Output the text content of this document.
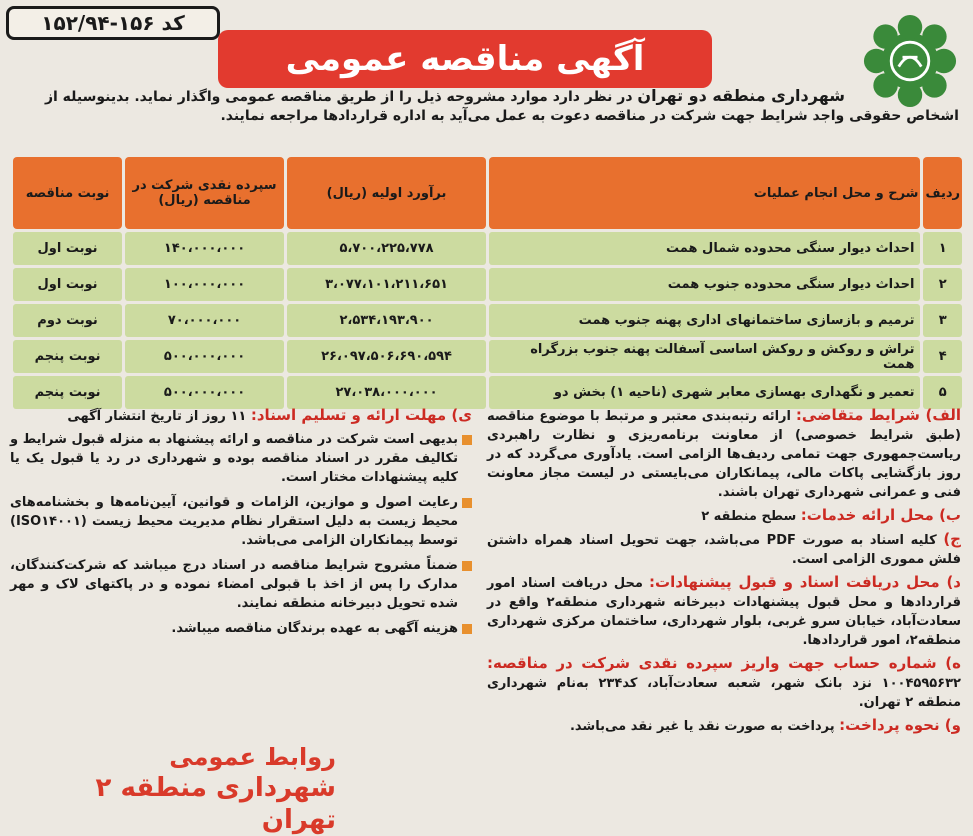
کد ۱۵۶-۱۵۲/۹۴
آگهی مناقصه عمومی
شهرداری منطقه دو تهران در نظر دارد موارد مشروحه ذیل را از طریق مناقصه عمومی واگذار نماید. بدینوسیله از
اشخاص حقوقی واجد شرایط جهت شرکت در مناقصه دعوت به عمل می‌آید به اداره قراردادها مراجعه نمایند.
ردیف	شرح و محل انجام عملیات	برآورد اولیه (ریال)	سپرده نقدی شرکت در مناقصه (ریال)	نوبت مناقصه
۱	احداث دیوار سنگی محدوده شمال همت	۵،۷۰۰،۲۲۵،۷۷۸	۱۴۰،۰۰۰،۰۰۰	نوبت اول
۲	احداث دیوار سنگی محدوده جنوب همت	۳،۰۷۷،۱۰۱،۲۱۱،۶۵۱	۱۰۰،۰۰۰،۰۰۰	نوبت اول
۳	ترمیم و بازسازی ساختمانهای اداری پهنه جنوب همت	۲،۵۳۴،۱۹۳،۹۰۰	۷۰،۰۰۰،۰۰۰	نوبت دوم
۴	تراش و روکش و روکش اساسی آسفالت پهنه جنوب بزرگراه همت	۲۶،۰۹۷،۵۰۶،۶۹۰،۵۹۴	۵۰۰،۰۰۰،۰۰۰	نوبت پنجم
۵	تعمیر و نگهداری بهسازی معابر شهری (ناحیه ۱) بخش دو	۲۷،۰۳۸،۰۰۰،۰۰۰	۵۰۰،۰۰۰،۰۰۰	نوبت پنجم
الف) شرایط متقاضی: ارائه رتبه‌بندی معتبر و مرتبط با موضوع مناقصه (طبق شرایط خصوصی) از معاونت برنامه‌ریزی و نظارت راهبردی ریاست‌جمهوری جهت تمامی ردیف‌ها الزامی است. یادآوری می‌گردد که در روز بازگشایی پاکات مالی، پیمانکاران می‌بایستی در لیست مجاز معاونت فنی و عمرانی شهرداری تهران باشند.
ب) محل ارائه خدمات: سطح منطقه ۲
ج) کلیه اسناد به صورت PDF می‌باشد، جهت تحویل اسناد همراه داشتن فلش مموری الزامی است.
د) محل دریافت اسناد و قبول پیشنهادات: محل دریافت اسناد امور قراردادها و محل قبول پیشنهادات دبیرخانه شهرداری منطقه۲ واقع در سعادت‌آباد، خیابان سرو غربی، بلوار شهرداری، ساختمان مرکزی شهرداری منطقه۲، امور قراردادها.
ه) شماره حساب جهت واریز سپرده نقدی شرکت در مناقصه: ۱۰۰۴۵۹۵۶۳۲ نزد بانک شهر، شعبه سعادت‌آباد، کد۲۳۴ به‌نام شهرداری منطقه ۲ تهران.
و) نحوه پرداخت: پرداخت به صورت نقد یا غیر نقد می‌باشد.
ی) مهلت ارائه و تسلیم اسناد: ۱۱ روز از تاریخ انتشار آگهی
بدیهی است شرکت در مناقصه و ارائه پیشنهاد به منزله قبول شرایط و تکالیف مقرر در اسناد مناقصه بوده و شهرداری در رد یا قبول یک یا کلیه پیشنهادات مختار است.
رعایت اصول و موازین، الزامات و قوانین، آیین‌نامه‌ها و بخشنامه‌های محیط زیست به دلیل استقرار نظام مدیریت محیط زیست (ISO۱۴۰۰۱) توسط پیمانکاران الزامی می‌باشد.
ضمناً مشروح شرایط مناقصه در اسناد درج میباشد که شرکت‌کنندگان، مدارک را پس از اخذ با قبولی امضاء نموده و در پاکتهای لاک و مهر شده تحویل دبیرخانه منطقه نمایند.
هزینه آگهی به عهده برندگان مناقصه میباشد.
روابط عمومی
شهرداری منطقه ۲ تهران
